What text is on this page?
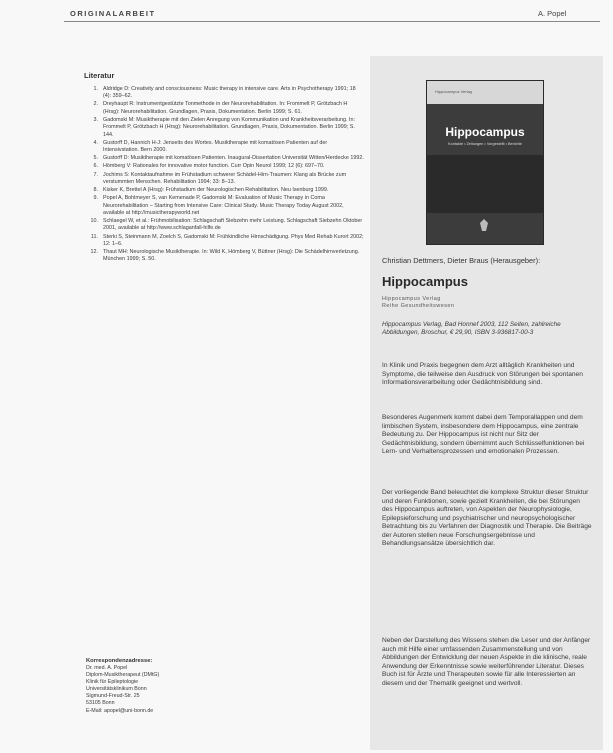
ORIGINALARBEIT	A. Popel
Literatur
1. Aldridge D: Creativity and consciousness: Music therapy in intensive care. Arts in Psychotherapy 1991; 18 (4): 359–62.
2. Dreyhaupt R: Instrumentgestützte Tonmethode in der Neurorehabilitation. In: Frommelt P, Grötzbach H (Hrsg): Neurorehabilitation. Grundlagen, Praxis, Dokumentation. Berlin 1999; S. 61.
3. Gadomski M: Musiktherapie mit den Zielen Anregung von Kommunikation und Krankheitsverarbeitung. In: Frommelt P, Grötzbach H (Hrsg): Neurorehabilitation. Grundlagen, Praxis, Dokumentation. Berlin 1999; S. 144.
4. Gustorff D, Hannich H-J: Jenseits des Wortes. Musiktherapie mit komatösen Patienten auf der Intensivstation. Bern 2000.
5. Gustorff D: Musiktherapie mit komatösen Patienten. Inaugural-Dissertation Universität Witten/Herdecke 1992.
6. Hömberg V: Rationales for innovative motor function. Curr Opin Neurol 1999; 12 (6): 697–70.
7. Jochims S: Kontaktaufnahme im Frühstadium schwerer Schädel-Hirn-Traumen: Klang als Brücke zum verstummten Menschen. Rehabilitation 1994; 33: 8–13.
8. Kisker K, Brettel A (Hrsg): Frühstadium der Neurologischen Rehabilitation. Neu Isenburg 1999.
9. Popel A, Bohlmeyer S, van Kemenade P, Gadomski M: Evaluation of Music Therapy in Coma Neurorehabilitation – Starting from Intensive Care: Clinical Study. Music Therapy Today August 2002, available at http://musictherapyworld.net
10. Schlaegel W, et al.: Frühmobilisation: Schlagschaft Siebzehn mehr Leistung. Schlagschaft Siebzehn Oktober 2001, available at http://www.schlaganfall-hilfe.de
11. Sterki S, Steinmann M, Zoelch S, Gadomski M: Frühkindliche Hirnschädigung. Phys Med Rehab Kurort 2002; 12: 1–6.
12. Thaut MH: Neurologische Musiktherapie. In: Wild K, Hömberg V, Büttner (Hrsg): Die Schädelhirnverletzung. München 1999; S. 50.
Korrespondenzadresse:
Dr. med. A. Popel
Diplom-Musiktherapeut (DMtG)
Klinik für Epileptologie
Universitätsklinikum Bonn
Sigmund-Freud-Str. 25
53105 Bonn
E-Mail: apopel@uni-bonn.de
Hippocampus Verlag
Hippocampus
Kontakte • Zeitungen • Vorgestellt • Berichte
Christian Dettmers, Dieter Braus (Herausgeber):
Hippocampus
Hippocampus Verlag
Reihe Gesundheitswesen
Hippocampus Verlag, Bad Honnef 2003, 112 Seiten, zahlreiche Abbildungen, Broschur, € 29,90, ISBN 3-936817-00-3

In Klinik und Praxis begegnen dem Arzt alltäglich Krankheiten und Symptome, die teilweise den Ausdruck von Störungen bei spontanen Informationsverarbeitung oder Gedächtnisbildung sind.

Besonderes Augenmerk kommt dabei dem Temporallappen und dem limbischen System, insbesondere dem Hippocampus, eine zentrale Bedeutung zu. Der Hippocampus ist nicht nur Sitz der Gedächtnisbildung, sondern übernimmt auch Schlüsselfunktionen bei Lern- und Verhaltensprozessen und emotionalen Prozessen.

Der vorliegende Band beleuchtet die komplexe Struktur dieser Struktur und deren Funktionen, sowie gezielt Krankheiten, die bei Störungen des Hippocampus auftreten, von Aspekten der Neurophysiologie, Epilepsieforschung und psychiatrischer und neuropsychologischer Betrachtung bis zu Verfahren der Diagnostik und Therapie. Die Beiträge der Autoren stellen neue Forschungsergebnisse und Behandlungsansätze übersichtlich dar.

Neben der Darstellung des Wissens stehen die Leser und der Anfänger auch mit Hilfe einer umfassenden Zusammenstellung und von Abbildungen der Entwicklung der neuen Aspekte in die klinische, reale Anwendung der Erkenntnisse sowie weiterführender Literatur. Dieses Buch ist für Ärzte und Therapeuten sowie für alle Interessierten an diesem und der Thematik geeignet und wertvoll.
